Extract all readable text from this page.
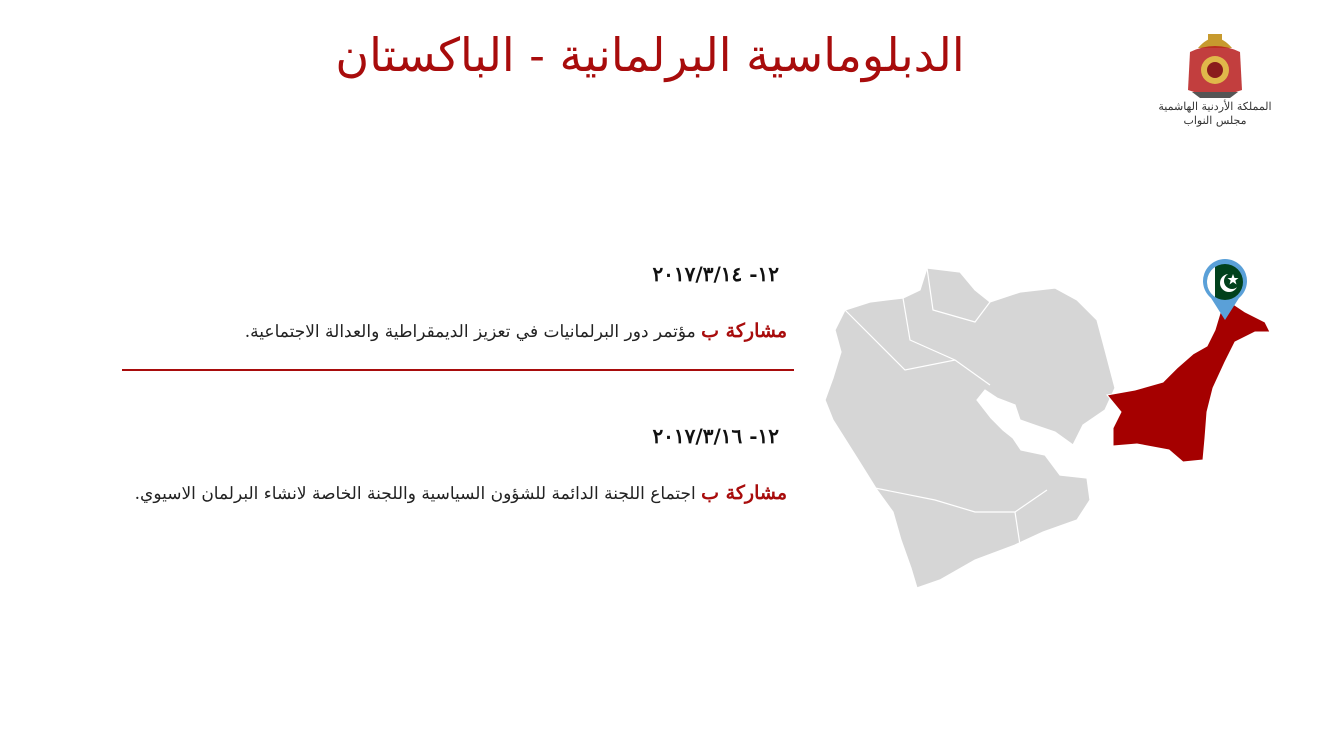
الدبلوماسية البرلمانية - الباكستان
المملكة الأردنية الهاشمية
مجلس النواب
١٢- ٢٠١٧/٣/١٤
مشاركة ب مؤتمر دور البرلمانيات في تعزيز الديمقراطية والعدالة الاجتماعية.
١٢- ٢٠١٧/٣/١٦
مشاركة ب اجتماع اللجنة الدائمة للشؤون السياسية واللجنة الخاصة لانشاء البرلمان الاسيوي.
